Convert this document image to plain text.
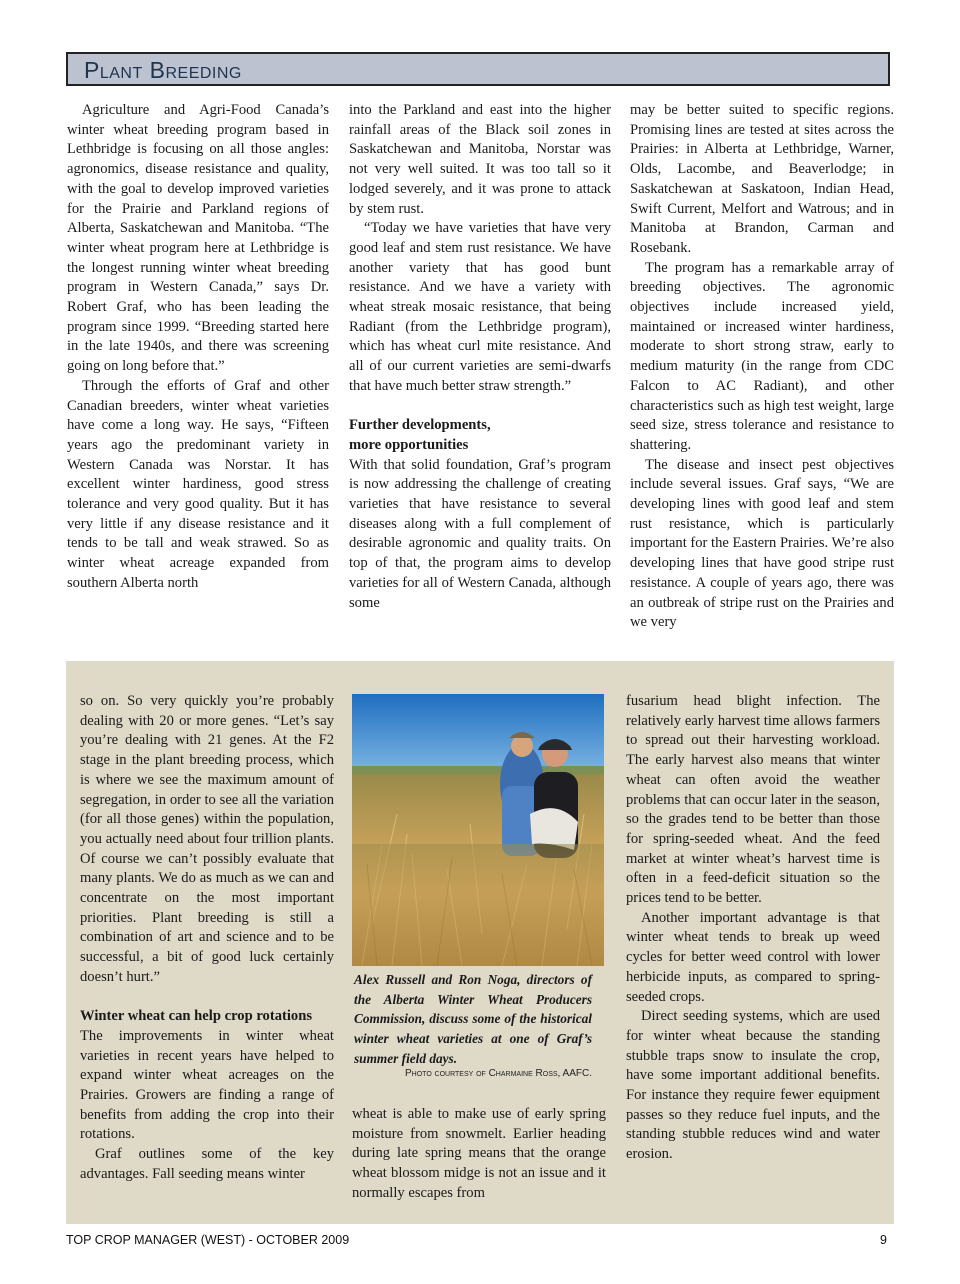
Plant Breeding

Agriculture and Agri-Food Canada’s winter wheat breeding program based in Lethbridge is focusing on all those angles: agronomics, disease resistance and quality, with the goal to develop improved varieties for the Prairie and Parkland regions of Alberta, Saskatchewan and Manitoba. “The winter wheat program here at Lethbridge is the longest running winter wheat breeding program in Western Canada,” says Dr. Robert Graf, who has been leading the program since 1999. “Breeding started here in the late 1940s, and there was screening going on long before that.”

Through the efforts of Graf and other Canadian breeders, winter wheat varieties have come a long way. He says, “Fifteen years ago the predominant variety in Western Canada was Norstar. It has excellent winter hardiness, good stress tolerance and very good quality. But it has very little if any disease resistance and it tends to be tall and weak strawed. So as winter wheat acreage expanded from southern Alberta north

into the Parkland and east into the higher rainfall areas of the Black soil zones in Saskatchewan and Manitoba, Norstar was not very well suited. It was too tall so it lodged severely, and it was prone to attack by stem rust.

“Today we have varieties that have very good leaf and stem rust resistance. We have another variety that has good bunt resistance. And we have a variety with wheat streak mosaic resistance, that being Radiant (from the Lethbridge program), which has wheat curl mite resistance. And all of our current varieties are semi-dwarfs that have much better straw strength.”

Further developments,
more opportunities

With that solid foundation, Graf’s program is now addressing the challenge of creating varieties that have resistance to several diseases along with a full complement of desirable agronomic and quality traits. On top of that, the program aims to develop varieties for all of Western Canada, although some

may be better suited to specific regions. Promising lines are tested at sites across the Prairies: in Alberta at Lethbridge, Warner, Olds, Lacombe, and Beaverlodge; in Saskatchewan at Saskatoon, Indian Head, Swift Current, Melfort and Watrous; and in Manitoba at Brandon, Carman and Rosebank.

The program has a remarkable array of breeding objectives. The agronomic objectives include increased yield, maintained or increased winter hardiness, moderate to short strong straw, early to medium maturity (in the range from CDC Falcon to AC Radiant), and other characteristics such as high test weight, large seed size, stress tolerance and resistance to shattering.

The disease and insect pest objectives include several issues. Graf says, “We are developing lines with good leaf and stem rust resistance, which is particularly important for the Eastern Prairies. We’re also developing lines that have good stripe rust resistance. A couple of years ago, there was an outbreak of stripe rust on the Prairies and we very

so on. So very quickly you’re probably dealing with 20 or more genes. “Let’s say you’re dealing with 21 genes. At the F2 stage in the plant breeding process, which is where we see the maximum amount of segregation, in order to see all the variation (for all those genes) within the population, you actually need about four trillion plants. Of course we can’t possibly evaluate that many plants. We do as much as we can and concentrate on the most important priorities. Plant breeding is still a combination of art and science and to be successful, a bit of good luck certainly doesn’t hurt.”

Winter wheat can help crop rotations

The improvements in winter wheat varieties in recent years have helped to expand winter wheat acreages on the Prairies. Growers are finding a range of benefits from adding the crop into their rotations.

Graf outlines some of the key advantages. Fall seeding means winter

Alex Russell and Ron Noga, directors of the Alberta Winter Wheat Producers Commission, discuss some of the historical winter wheat varieties at one of Graf’s summer field days.
Photo courtesy of Charmaine Ross, AAFC.

wheat is able to make use of early spring moisture from snowmelt. Earlier heading during late spring means that the orange wheat blossom midge is not an issue and it normally escapes from

fusarium head blight infection. The relatively early harvest time allows farmers to spread out their harvesting workload. The early harvest also means that winter wheat can often avoid the weather problems that can occur later in the season, so the grades tend to be better than those for spring-seeded wheat. And the feed market at winter wheat’s harvest time is often in a feed-deficit situation so the prices tend to be better.

Another important advantage is that winter wheat tends to break up weed cycles for better weed control with lower herbicide inputs, as compared to spring-seeded crops.

Direct seeding systems, which are used for winter wheat because the standing stubble traps snow to insulate the crop, have some important additional benefits. For instance they require fewer equipment passes so they reduce fuel inputs, and the standing stubble reduces wind and water erosion.

TOP CROP MANAGER (WEST) - OCTOBER 2009	9
